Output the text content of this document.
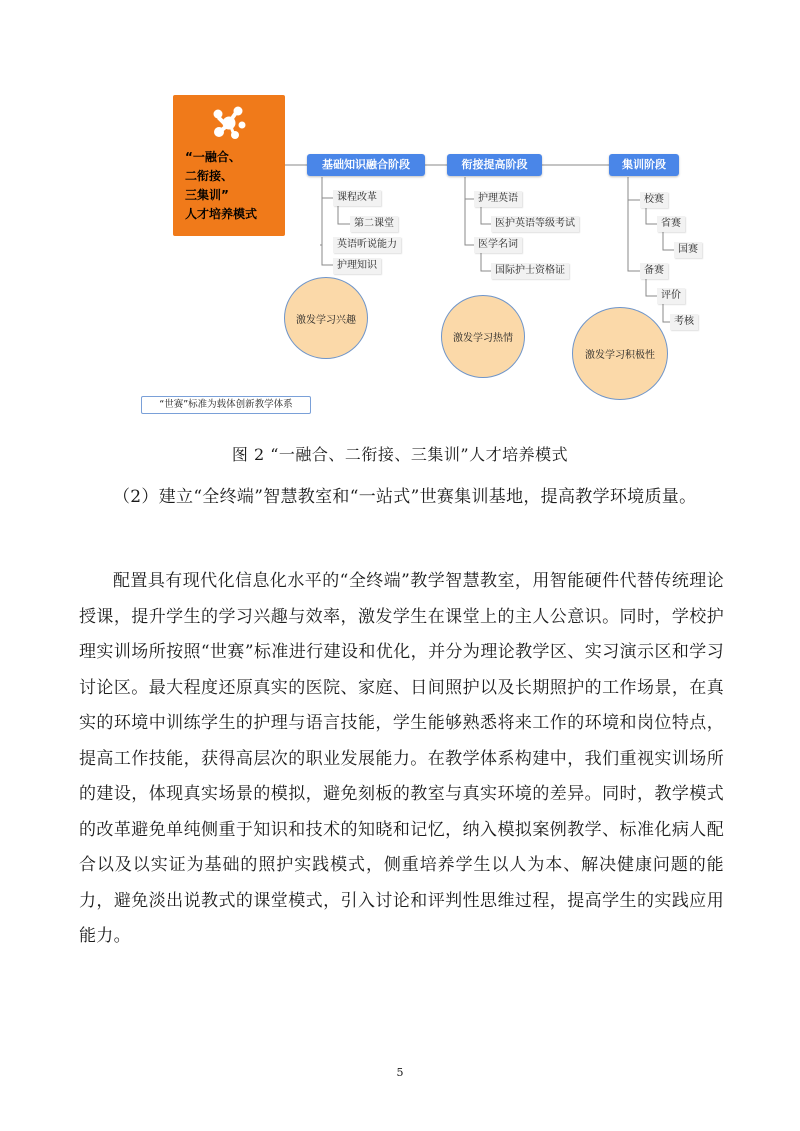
“一融合、
二衔接、
三集训”
人才培养模式
基础知识融合阶段	衔接提高阶段	集训阶段
课程改革
第二课堂
英语听说能力
护理知识
护理英语
医护英语等级考试
医学名词
国际护士资格证
校赛
省赛
国赛
备赛
评价
考核
激发学习兴趣
激发学习热情
激发学习积极性
“世赛”标准为载体创新教学体系
图 2 “一融合、二衔接、三集训”人才培养模式

（2）建立“全终端”智慧教室和“一站式”世赛集训基地，提高教学环境质量。

配置具有现代化信息化水平的“全终端”教学智慧教室，用智能硬件代替传统理论授课，提升学生的学习兴趣与效率，激发学生在课堂上的主人公意识。同时，学校护理实训场所按照“世赛”标准进行建设和优化，并分为理论教学区、实习演示区和学习讨论区。最大程度还原真实的医院、家庭、日间照护以及长期照护的工作场景，在真实的环境中训练学生的护理与语言技能，学生能够熟悉将来工作的环境和岗位特点，提高工作技能，获得高层次的职业发展能力。在教学体系构建中，我们重视实训场所的建设，体现真实场景的模拟，避免刻板的教室与真实环境的差异。同时，教学模式的改革避免单纯侧重于知识和技术的知晓和记忆，纳入模拟案例教学、标准化病人配合以及以实证为基础的照护实践模式，侧重培养学生以人为本、解决健康问题的能力，避免淡出说教式的课堂模式，引入讨论和评判性思维过程，提高学生的实践应用能力。

5
